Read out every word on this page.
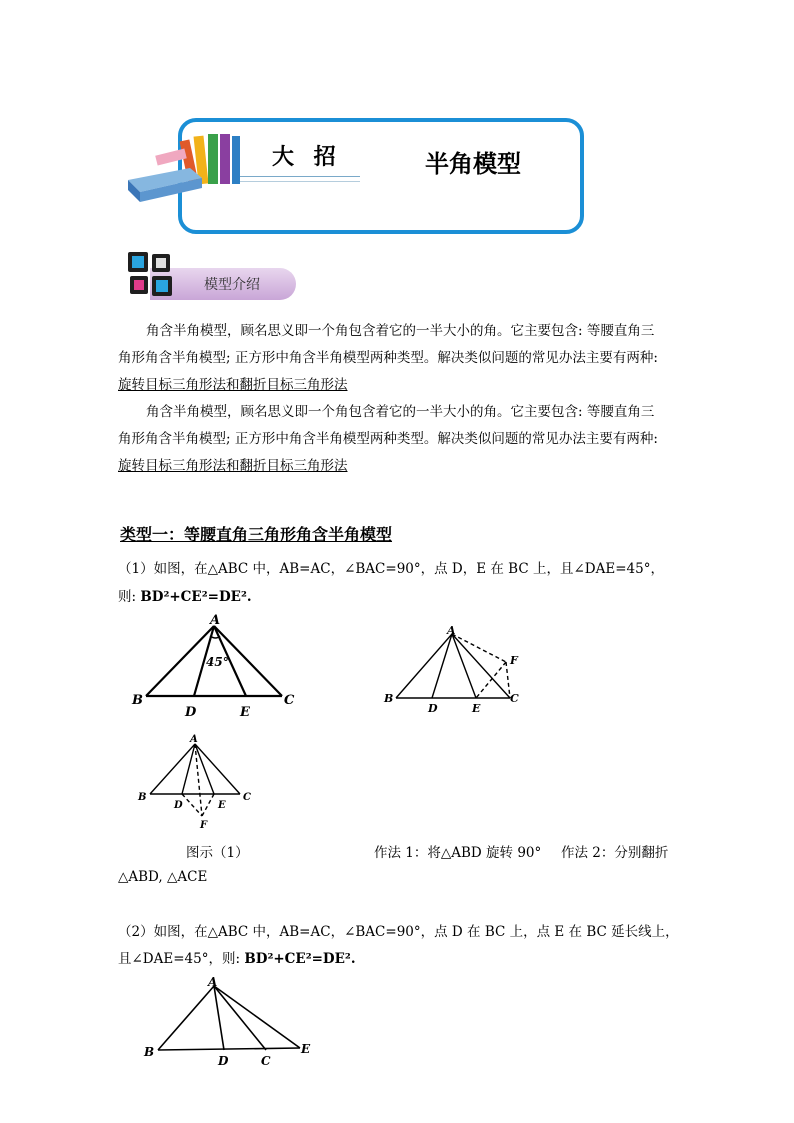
大 招	半角模型
模型介绍
角含半角模型，顾名思义即一个角包含着它的一半大小的角。它主要包含: 等腰直角三
角形角含半角模型; 正方形中角含半角模型两种类型。解决类似问题的常见办法主要有两种:
旋转目标三角形法和翻折目标三角形法
角含半角模型，顾名思义即一个角包含着它的一半大小的角。它主要包含: 等腰直角三
角形角含半角模型; 正方形中角含半角模型两种类型。解决类似问题的常见办法主要有两种:
旋转目标三角形法和翻折目标三角形法
类型一：等腰直角三角形角含半角模型
（1）如图，在△ABC 中，AB=AC，∠BAC=90°，点 D，E 在 BC 上，且∠DAE=45°，
则: BD²+CE²=DE².
A
B	C
D	E
45°
A
B	C
D	E
F
A
B	C
D	E
F
图示（1）	作法 1：将△ABD 旋转 90° 作法 2：分别翻折
△ABD, △ACE
（2）如图，在△ABC 中，AB=AC，∠BAC=90°，点 D 在 BC 上，点 E 在 BC 延长线上，
且∠DAE=45°，则: BD²+CE²=DE².
A
B
C
D
E
